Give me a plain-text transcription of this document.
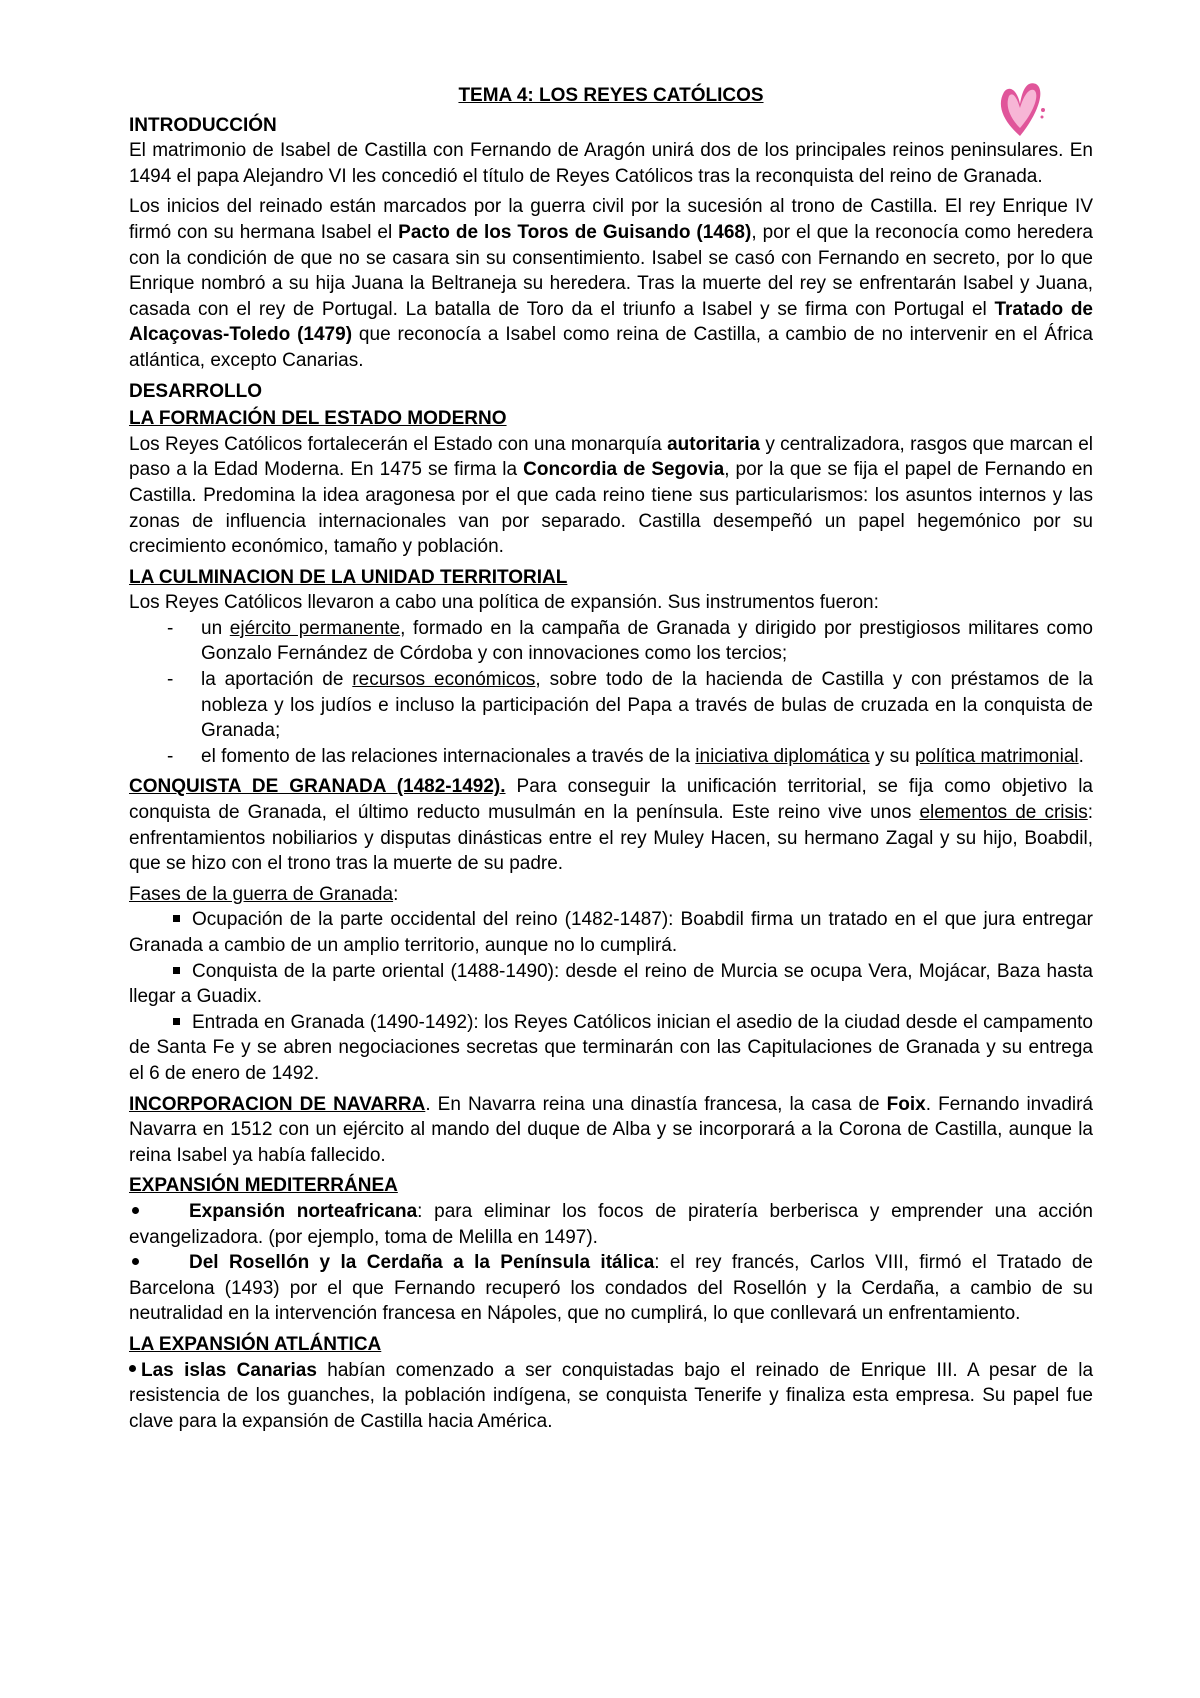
TEMA 4: LOS REYES CATÓLICOS
INTRODUCCIÓN

El matrimonio de Isabel de Castilla con Fernando de Aragón unirá dos de los principales reinos peninsulares. En 1494 el papa Alejandro VI les concedió el título de Reyes Católicos tras la reconquista del reino de Granada.

Los inicios del reinado están marcados por la guerra civil por la sucesión al trono de Castilla. El rey Enrique IV firmó con su hermana Isabel el Pacto de los Toros de Guisando (1468), por el que la reconocía como heredera con la condición de que no se casara sin su consentimiento. Isabel se casó con Fernando en secreto, por lo que Enrique nombró a su hija Juana la Beltraneja su heredera. Tras la muerte del rey se enfrentarán Isabel y Juana, casada con el rey de Portugal. La batalla de Toro da el triunfo a Isabel y se firma con Portugal el Tratado de Alcaçovas-Toledo (1479) que reconocía a Isabel como reina de Castilla, a cambio de no intervenir en el África atlántica, excepto Canarias.

DESARROLLO
LA FORMACIÓN DEL ESTADO MODERNO

Los Reyes Católicos fortalecerán el Estado con una monarquía autoritaria y centralizadora, rasgos que marcan el paso a la Edad Moderna. En 1475 se firma la Concordia de Segovia, por la que se fija el papel de Fernando en Castilla. Predomina la idea aragonesa por el que cada reino tiene sus particularismos: los asuntos internos y las zonas de influencia internacionales van por separado. Castilla desempeñó un papel hegemónico por su crecimiento económico, tamaño y población.

LA CULMINACION DE LA UNIDAD TERRITORIAL

Los Reyes Católicos llevaron a cabo una política de expansión. Sus instrumentos fueron:

- un ejército permanente, formado en la campaña de Granada y dirigido por prestigiosos militares como Gonzalo Fernández de Córdoba y con innovaciones como los tercios;
- la aportación de recursos económicos, sobre todo de la hacienda de Castilla y con préstamos de la nobleza y los judíos e incluso la participación del Papa a través de bulas de cruzada en la conquista de Granada;
- el fomento de las relaciones internacionales a través de la iniciativa diplomática y su política matrimonial.

CONQUISTA DE GRANADA (1482-1492). Para conseguir la unificación territorial, se fija como objetivo la conquista de Granada, el último reducto musulmán en la península. Este reino vive unos elementos de crisis: enfrentamientos nobiliarios y disputas dinásticas entre el rey Muley Hacen, su hermano Zagal y su hijo, Boabdil, que se hizo con el trono tras la muerte de su padre.

Fases de la guerra de Granada:

Ocupación de la parte occidental del reino (1482-1487): Boabdil firma un tratado en el que jura entregar Granada a cambio de un amplio territorio, aunque no lo cumplirá.

Conquista de la parte oriental (1488-1490): desde el reino de Murcia se ocupa Vera, Mojácar, Baza hasta llegar a Guadix.

Entrada en Granada (1490-1492): los Reyes Católicos inician el asedio de la ciudad desde el campamento de Santa Fe y se abren negociaciones secretas que terminarán con las Capitulaciones de Granada y su entrega el 6 de enero de 1492.

INCORPORACION DE NAVARRA. En Navarra reina una dinastía francesa, la casa de Foix. Fernando invadirá Navarra en 1512 con un ejército al mando del duque de Alba y se incorporará a la Corona de Castilla, aunque la reina Isabel ya había fallecido.

EXPANSIÓN MEDITERRÁNEA

Expansión norteafricana: para eliminar los focos de piratería berberisca y emprender una acción evangelizadora. (por ejemplo, toma de Melilla en 1497).

Del Rosellón y la Cerdaña a la Península itálica: el rey francés, Carlos VIII, firmó el Tratado de Barcelona (1493) por el que Fernando recuperó los condados del Rosellón y la Cerdaña, a cambio de su neutralidad en la intervención francesa en Nápoles, que no cumplirá, lo que conllevará un enfrentamiento.

LA EXPANSIÓN ATLÁNTICA

Las islas Canarias habían comenzado a ser conquistadas bajo el reinado de Enrique III. A pesar de la resistencia de los guanches, la población indígena, se conquista Tenerife y finaliza esta empresa. Su papel fue clave para la expansión de Castilla hacia América.
